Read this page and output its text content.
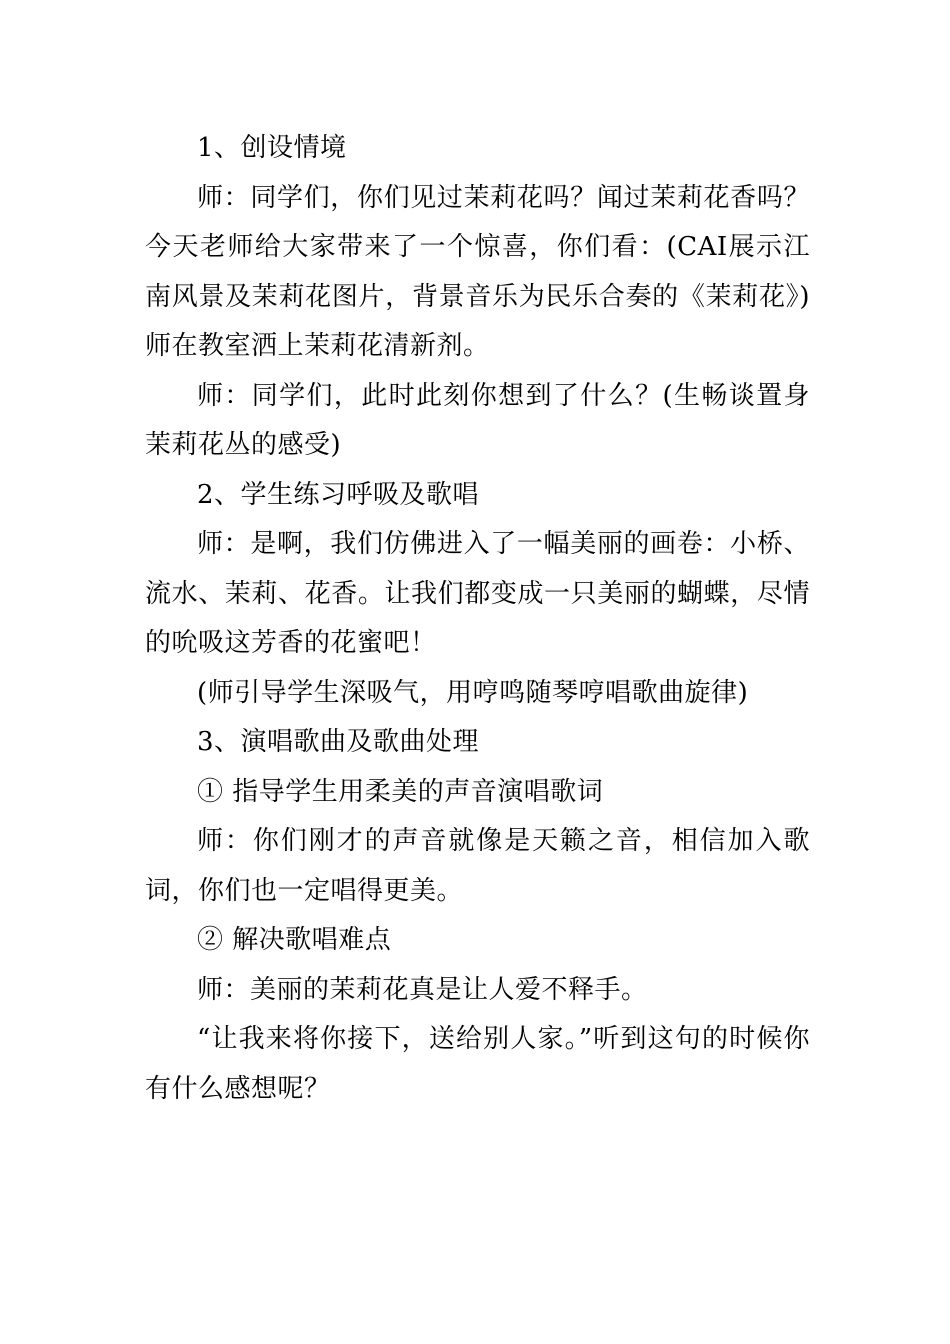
1、创设情境

师：同学们，你们见过茉莉花吗？闻过茉莉花香吗？今天老师给大家带来了一个惊喜，你们看：(CAI展示江南风景及茉莉花图片，背景音乐为民乐合奏的《茉莉花》)师在教室洒上茉莉花清新剂。

师：同学们，此时此刻你想到了什么？(生畅谈置身茉莉花丛的感受)

2、学生练习呼吸及歌唱

师：是啊，我们仿佛进入了一幅美丽的画卷：小桥、流水、茉莉、花香。让我们都变成一只美丽的蝴蝶，尽情的吮吸这芳香的花蜜吧！

(师引导学生深吸气，用哼鸣随琴哼唱歌曲旋律)

3、演唱歌曲及歌曲处理

① 指导学生用柔美的声音演唱歌词

师：你们刚才的声音就像是天籁之音，相信加入歌词，你们也一定唱得更美。

② 解决歌唱难点

师：美丽的茉莉花真是让人爱不释手。

“让我来将你接下，送给别人家。”听到这句的时候你有什么感想呢？
